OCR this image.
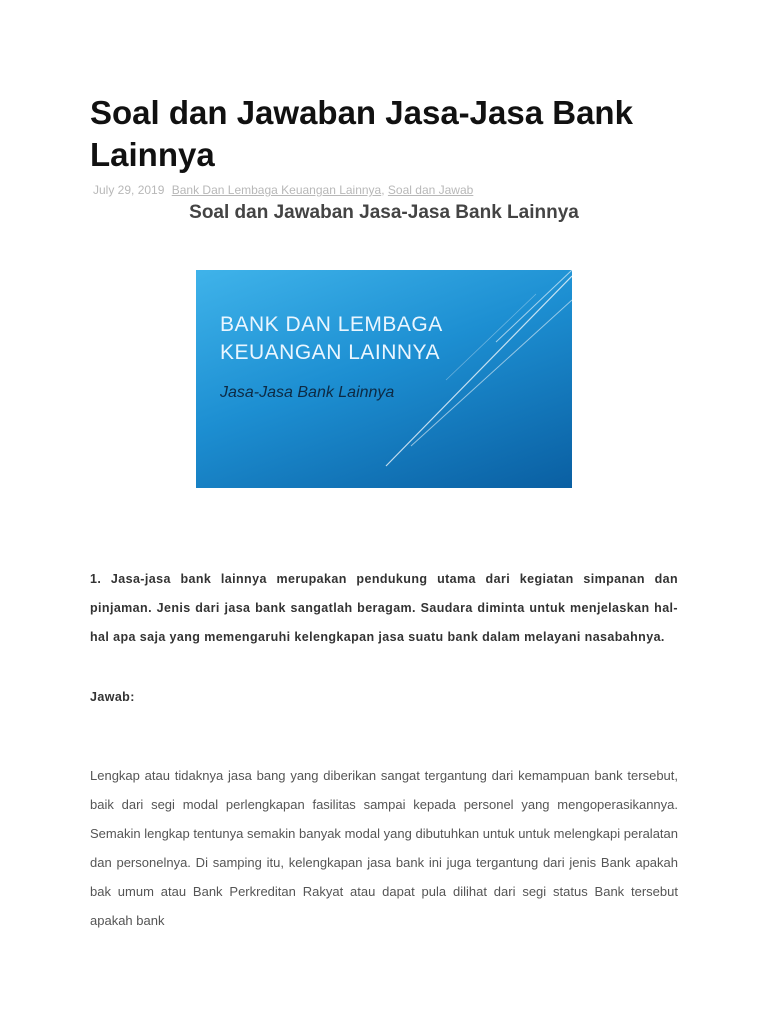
Soal dan Jawaban Jasa-Jasa Bank Lainnya
July 29, 2019 Bank Dan Lembaga Keuangan Lainnya, Soal dan Jawab
Soal dan Jawaban Jasa-Jasa Bank Lainnya
1. Jasa-jasa bank lainnya merupakan pendukung utama dari kegiatan simpanan dan pinjaman. Jenis dari jasa bank sangatlah beragam. Saudara diminta untuk menjelaskan hal-hal apa saja yang memengaruhi kelengkapan jasa suatu bank dalam melayani nasabahnya.
Jawab:
Lengkap atau tidaknya jasa bang yang diberikan sangat tergantung dari kemampuan bank tersebut, baik dari segi modal perlengkapan fasilitas sampai kepada personel yang mengoperasikannya. Semakin lengkap tentunya semakin banyak modal yang dibutuhkan untuk untuk melengkapi peralatan dan personelnya. Di samping itu, kelengkapan jasa bank ini juga tergantung dari jenis Bank apakah bak umum atau Bank Perkreditan Rakyat atau dapat pula dilihat dari segi status Bank tersebut apakah bank
BANK DAN LEMBAGA
KEUANGAN LAINNYA
Jasa-Jasa Bank Lainnya
